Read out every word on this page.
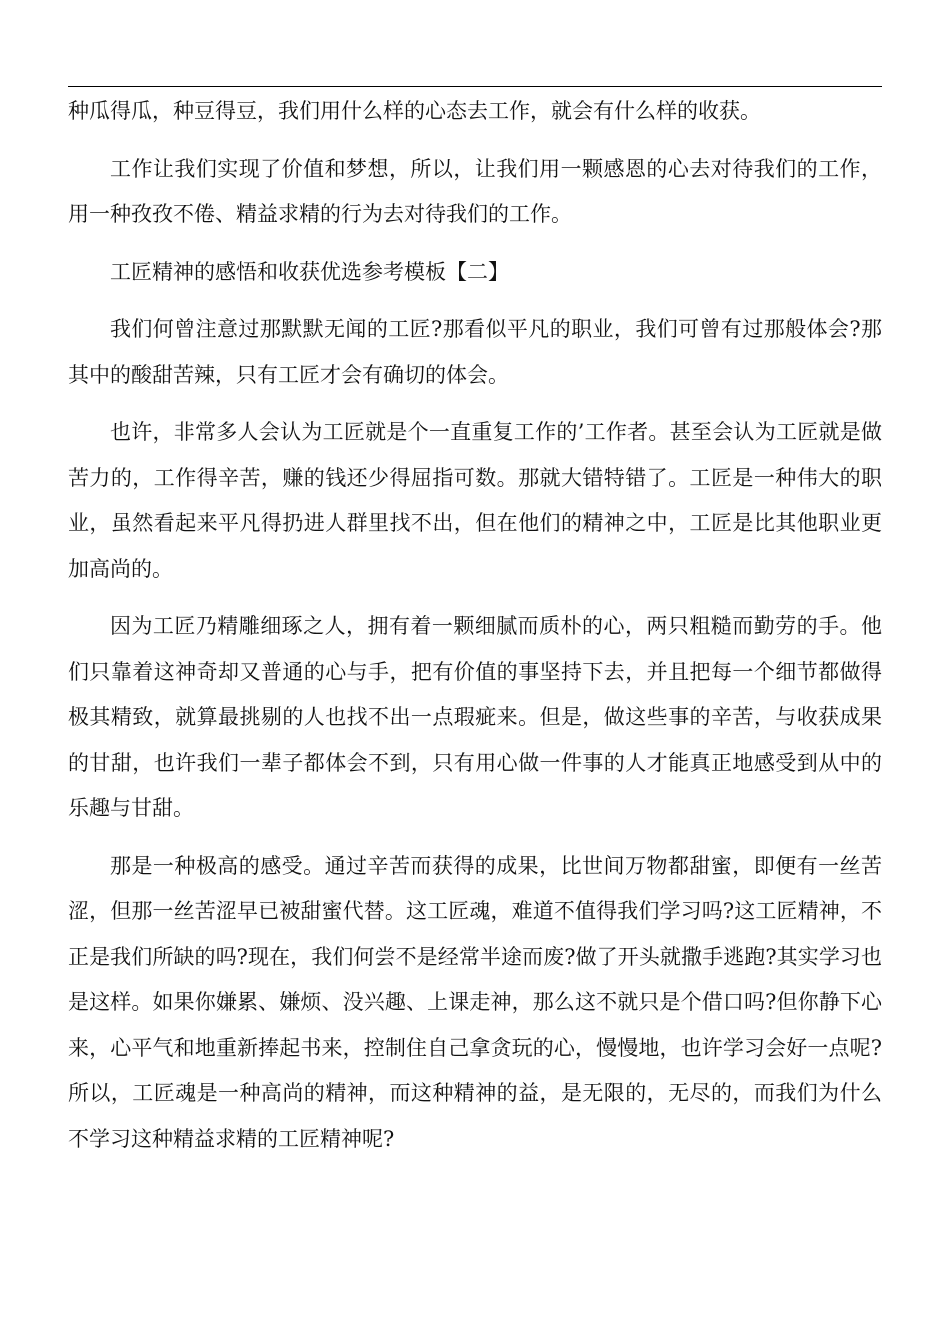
种瓜得瓜，种豆得豆，我们用什么样的心态去工作，就会有什么样的收获。

工作让我们实现了价值和梦想，所以，让我们用一颗感恩的心去对待我们的工作，用一种孜孜不倦、精益求精的行为去对待我们的工作。

工匠精神的感悟和收获优选参考模板【二】

我们何曾注意过那默默无闻的工匠?那看似平凡的职业，我们可曾有过那般体会?那其中的酸甜苦辣，只有工匠才会有确切的体会。

也许，非常多人会认为工匠就是个一直重复工作的’工作者。甚至会认为工匠就是做苦力的，工作得辛苦，赚的钱还少得屈指可数。那就大错特错了。工匠是一种伟大的职业，虽然看起来平凡得扔进人群里找不出，但在他们的精神之中，工匠是比其他职业更加高尚的。

因为工匠乃精雕细琢之人，拥有着一颗细腻而质朴的心，两只粗糙而勤劳的手。他们只靠着这神奇却又普通的心与手，把有价值的事坚持下去，并且把每一个细节都做得极其精致，就算最挑剔的人也找不出一点瑕疵来。但是，做这些事的辛苦，与收获成果的甘甜，也许我们一辈子都体会不到，只有用心做一件事的人才能真正地感受到从中的乐趣与甘甜。

那是一种极高的感受。通过辛苦而获得的成果，比世间万物都甜蜜，即便有一丝苦涩，但那一丝苦涩早已被甜蜜代替。这工匠魂，难道不值得我们学习吗?这工匠精神，不正是我们所缺的吗?现在，我们何尝不是经常半途而废?做了开头就撒手逃跑?其实学习也是这样。如果你嫌累、嫌烦、没兴趣、上课走神，那么这不就只是个借口吗?但你静下心来，心平气和地重新捧起书来，控制住自己拿贪玩的心，慢慢地，也许学习会好一点呢?所以，工匠魂是一种高尚的精神，而这种精神的益，是无限的，无尽的，而我们为什么不学习这种精益求精的工匠精神呢?
